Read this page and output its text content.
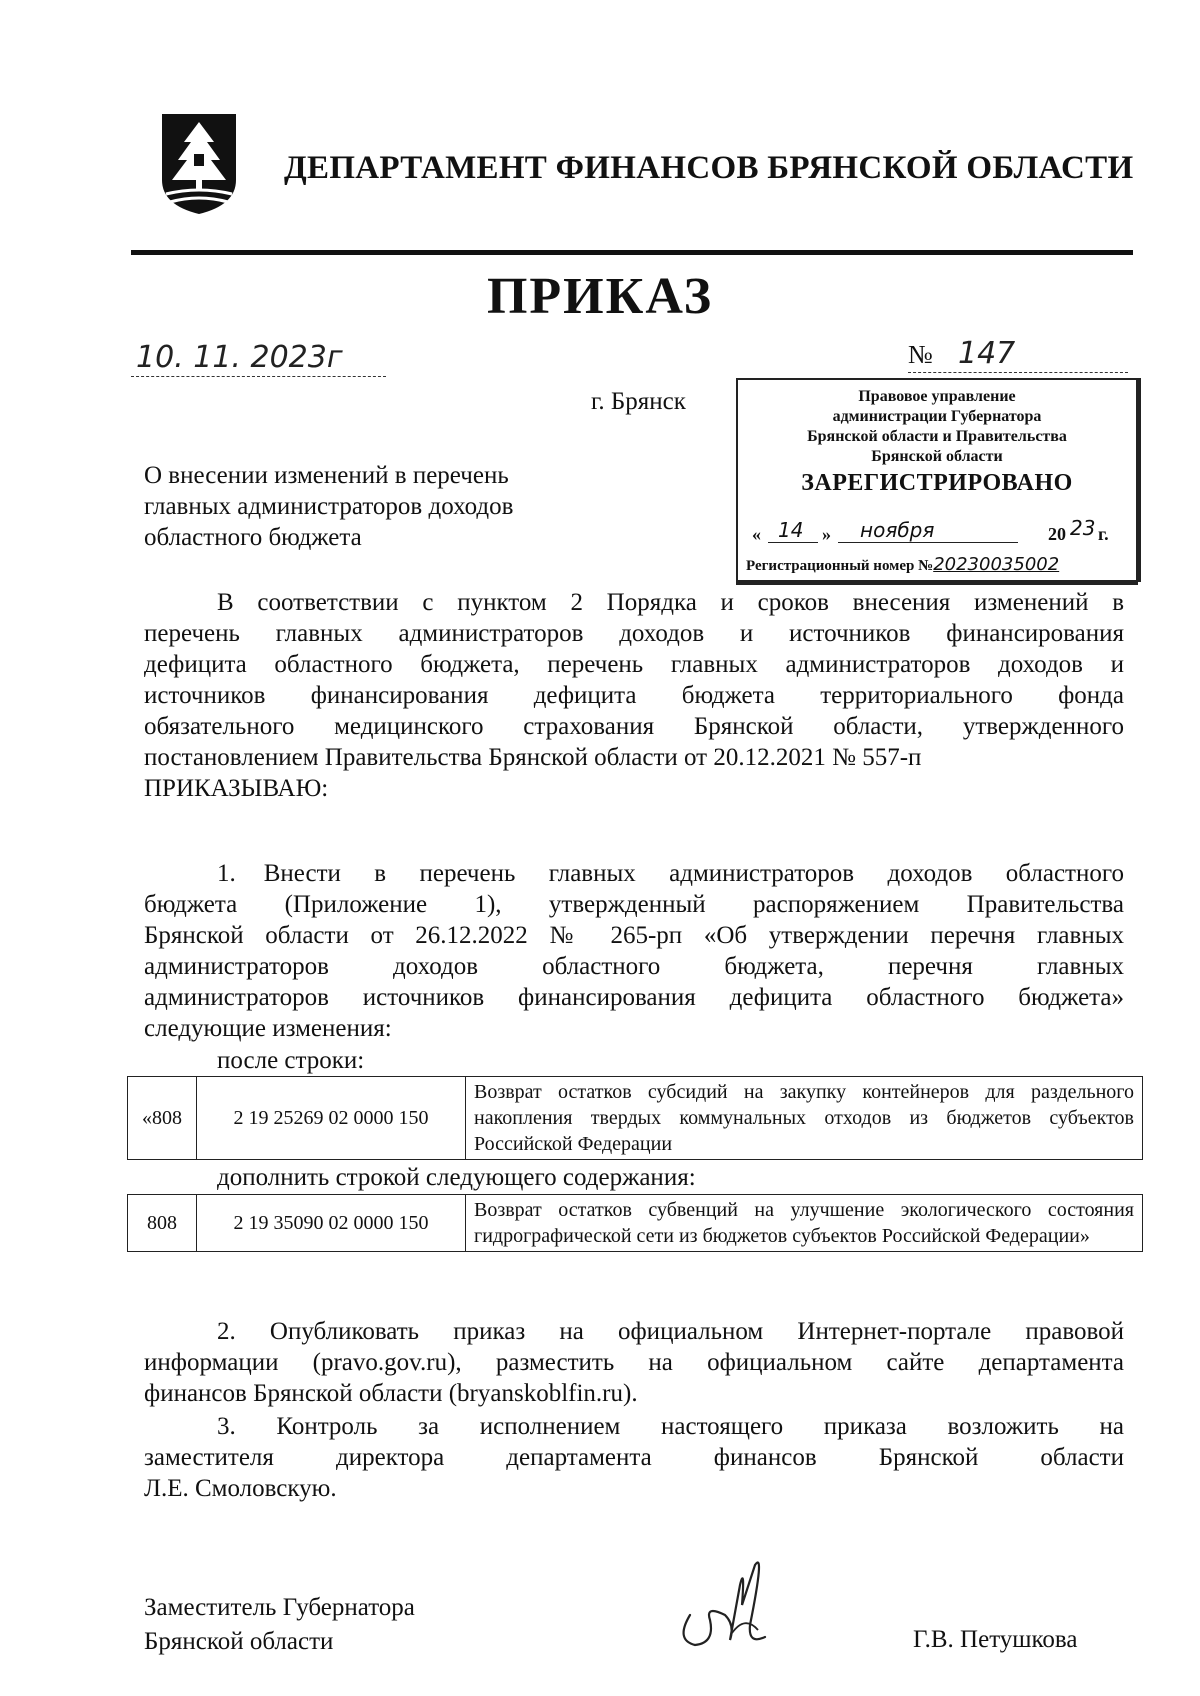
ДЕПАРТАМЕНТ ФИНАНСОВ БРЯНСКОЙ ОБЛАСТИ
ПРИКАЗ
10. 11. 2023г	№ 147
г. Брянск	Правовое управление
администрации Губернатора
Брянской области и Правительства
Брянской области
ЗАРЕГИСТРИРОВАНО
« 14 » ноября	20 23 г.
Регистрационный номер №20230035002
О внесении изменений в перечень
главных администраторов доходов
областного бюджета
В соответствии с пунктом 2 Порядка и сроков внесения изменений в
перечень главных администраторов доходов и источников финансирования
дефицита областного бюджета, перечень главных администраторов доходов и
источников финансирования дефицита бюджета территориального фонда
обязательного медицинского страхования Брянской области, утвержденного
постановлением Правительства Брянской области от 20.12.2021 № 557-п
ПРИКАЗЫВАЮ:
1. Внести в перечень главных администраторов доходов областного
бюджета (Приложение 1), утвержденный распоряжением Правительства
Брянской области от 26.12.2022 № 265-рп «Об утверждении перечня главных
администраторов доходов областного бюджета, перечня главных
администраторов источников финансирования дефицита областного бюджета»
следующие изменения:
после строки:
«808	2 19 25269 02 0000 150	Возврат остатков субсидий на закупку контейнеров для раздельного накопления твердых коммунальных отходов из бюджетов субъектов Российской Федерации
дополнить строкой следующего содержания:
808	2 19 35090 02 0000 150	Возврат остатков субвенций на улучшение экологического состояния гидрографической сети из бюджетов субъектов Российской Федерации»
2. Опубликовать приказ на официальном Интернет-портале правовой
информации (pravo.gov.ru), разместить на официальном сайте департамента
финансов Брянской области (bryanskoblfin.ru).
3. Контроль за исполнением настоящего приказа возложить на
заместителя директора департамента финансов Брянской области
Л.Е. Смоловскую.
Заместитель Губернатора
Брянской области	Г.В. Петушкова
